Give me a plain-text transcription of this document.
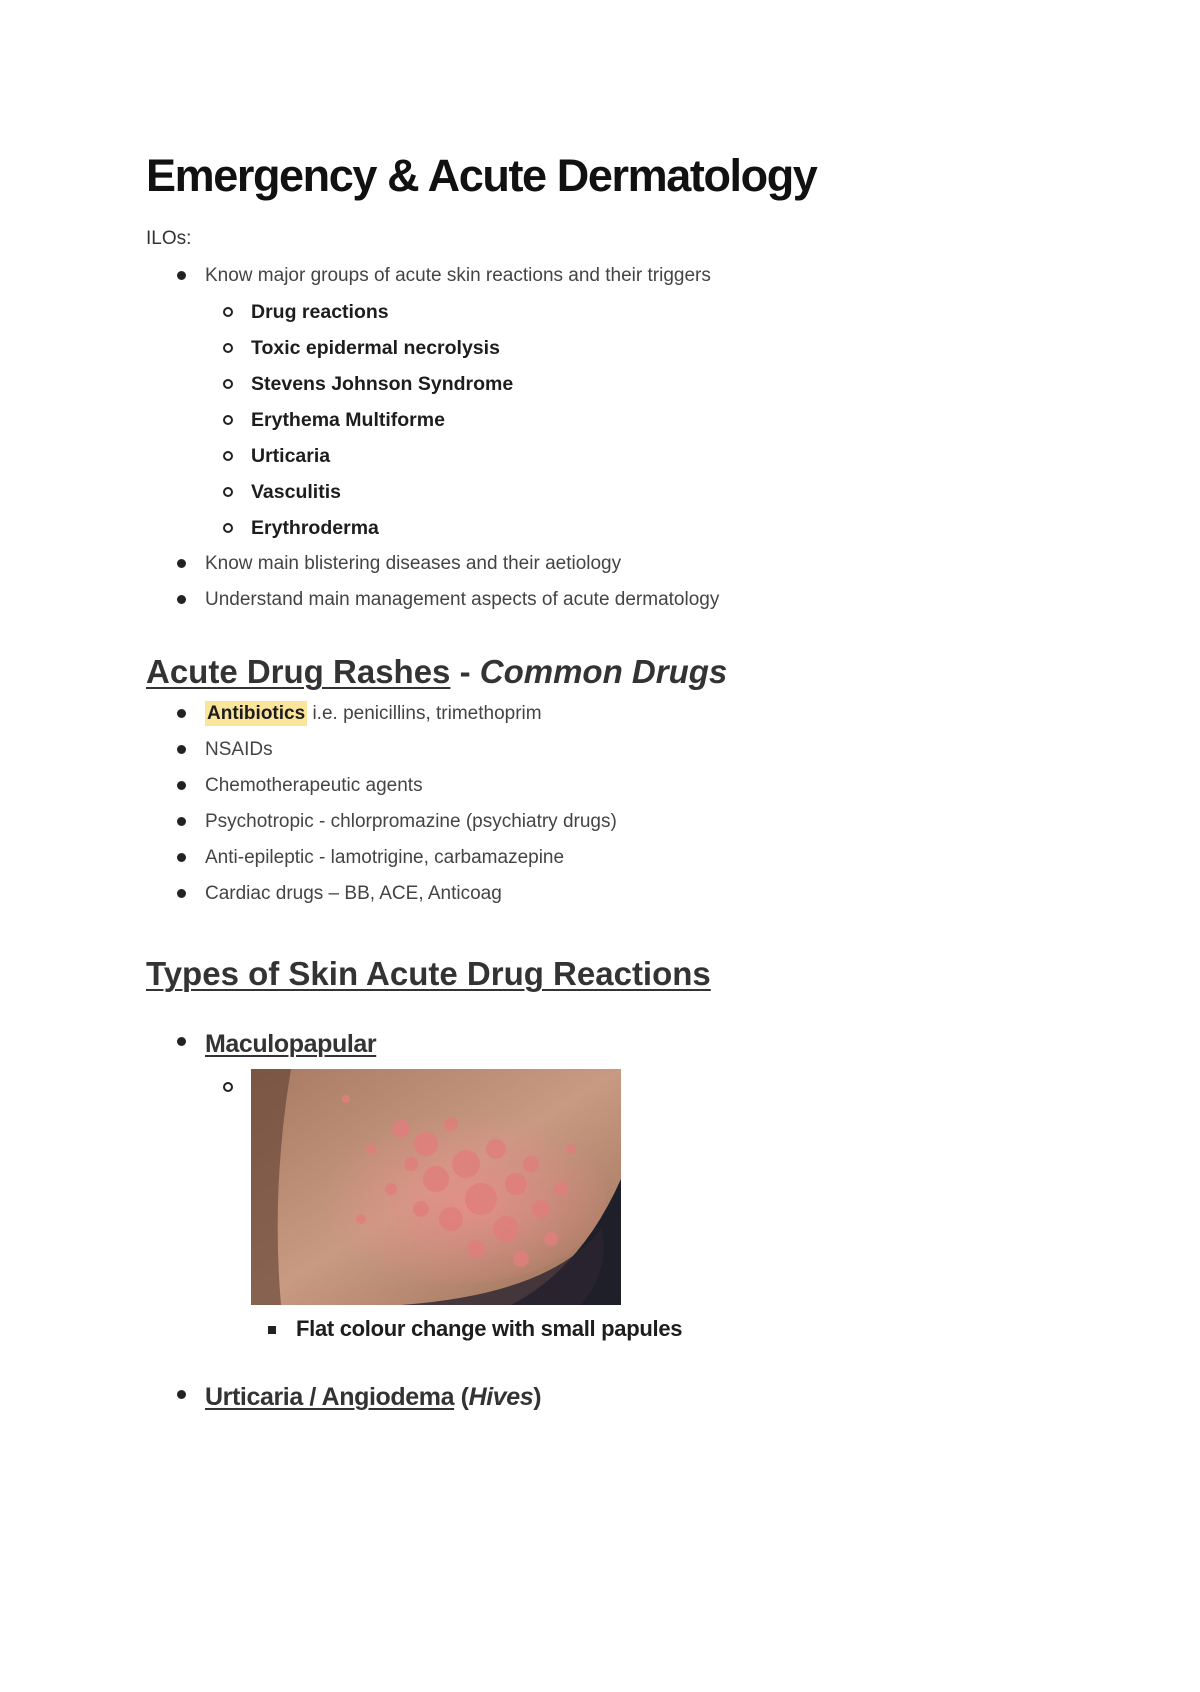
Emergency & Acute Dermatology
ILOs:
Know major groups of acute skin reactions and their triggers
Drug reactions
Toxic epidermal necrolysis
Stevens Johnson Syndrome
Erythema Multiforme
Urticaria
Vasculitis
Erythroderma
Know main blistering diseases and their aetiology
Understand main management aspects of acute dermatology
Acute Drug Rashes - Common Drugs
Antibiotics i.e. penicillins, trimethoprim
NSAIDs
Chemotherapeutic agents
Psychotropic - chlorpromazine (psychiatry drugs)
Anti-epileptic - lamotrigine, carbamazepine
Cardiac drugs – BB, ACE, Anticoag
Types of Skin Acute Drug Reactions
Maculopapular
Flat colour change with small papules
Urticaria / Angiodema (Hives)
